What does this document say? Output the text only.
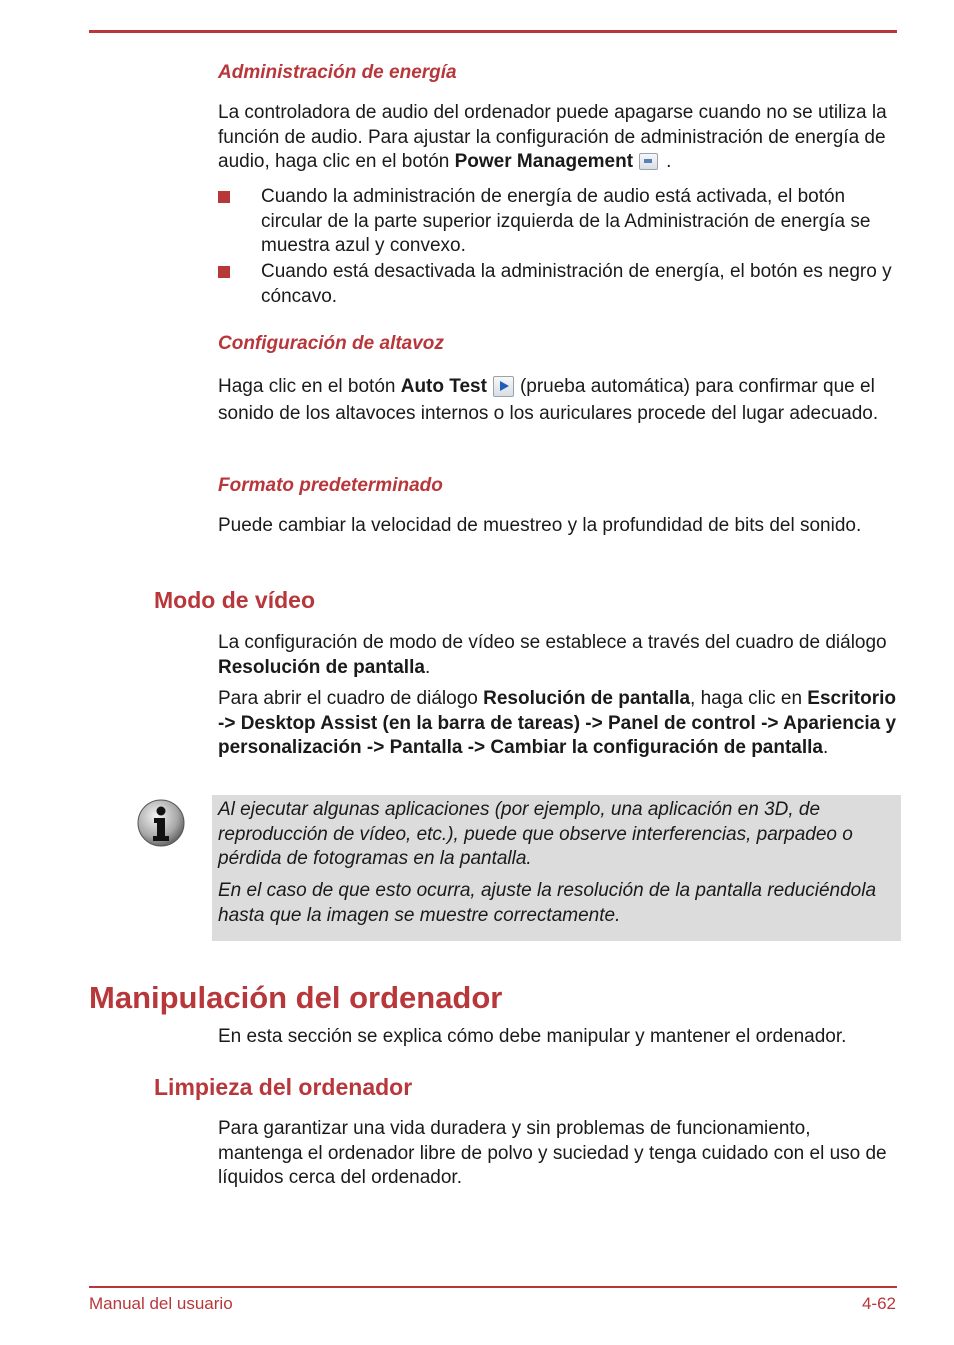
Administración de energía

La controladora de audio del ordenador puede apagarse cuando no se utiliza la función de audio. Para ajustar la configuración de administración de energía de audio, haga clic en el botón Power Management .

Cuando la administración de energía de audio está activada, el botón circular de la parte superior izquierda de la Administración de energía se muestra azul y convexo.
Cuando está desactivada la administración de energía, el botón es negro y cóncavo.
Configuración de altavoz

Haga clic en el botón Auto Test (prueba automática) para confirmar que el sonido de los altavoces internos o los auriculares procede del lugar adecuado.

Formato predeterminado

Puede cambiar la velocidad de muestreo y la profundidad de bits del sonido.

Modo de vídeo

La configuración de modo de vídeo se establece a través del cuadro de diálogo Resolución de pantalla.

Para abrir el cuadro de diálogo Resolución de pantalla, haga clic en Escritorio -> Desktop Assist (en la barra de tareas) -> Panel de control -> Apariencia y personalización -> Pantalla -> Cambiar la configuración de pantalla.

Al ejecutar algunas aplicaciones (por ejemplo, una aplicación en 3D, de reproducción de vídeo, etc.), puede que observe interferencias, parpadeo o pérdida de fotogramas en la pantalla.

En el caso de que esto ocurra, ajuste la resolución de la pantalla reduciéndola hasta que la imagen se muestre correctamente.

Manipulación del ordenador

En esta sección se explica cómo debe manipular y mantener el ordenador.

Limpieza del ordenador

Para garantizar una vida duradera y sin problemas de funcionamiento, mantenga el ordenador libre de polvo y suciedad y tenga cuidado con el uso de líquidos cerca del ordenador.

Manual del usuario	4-62
